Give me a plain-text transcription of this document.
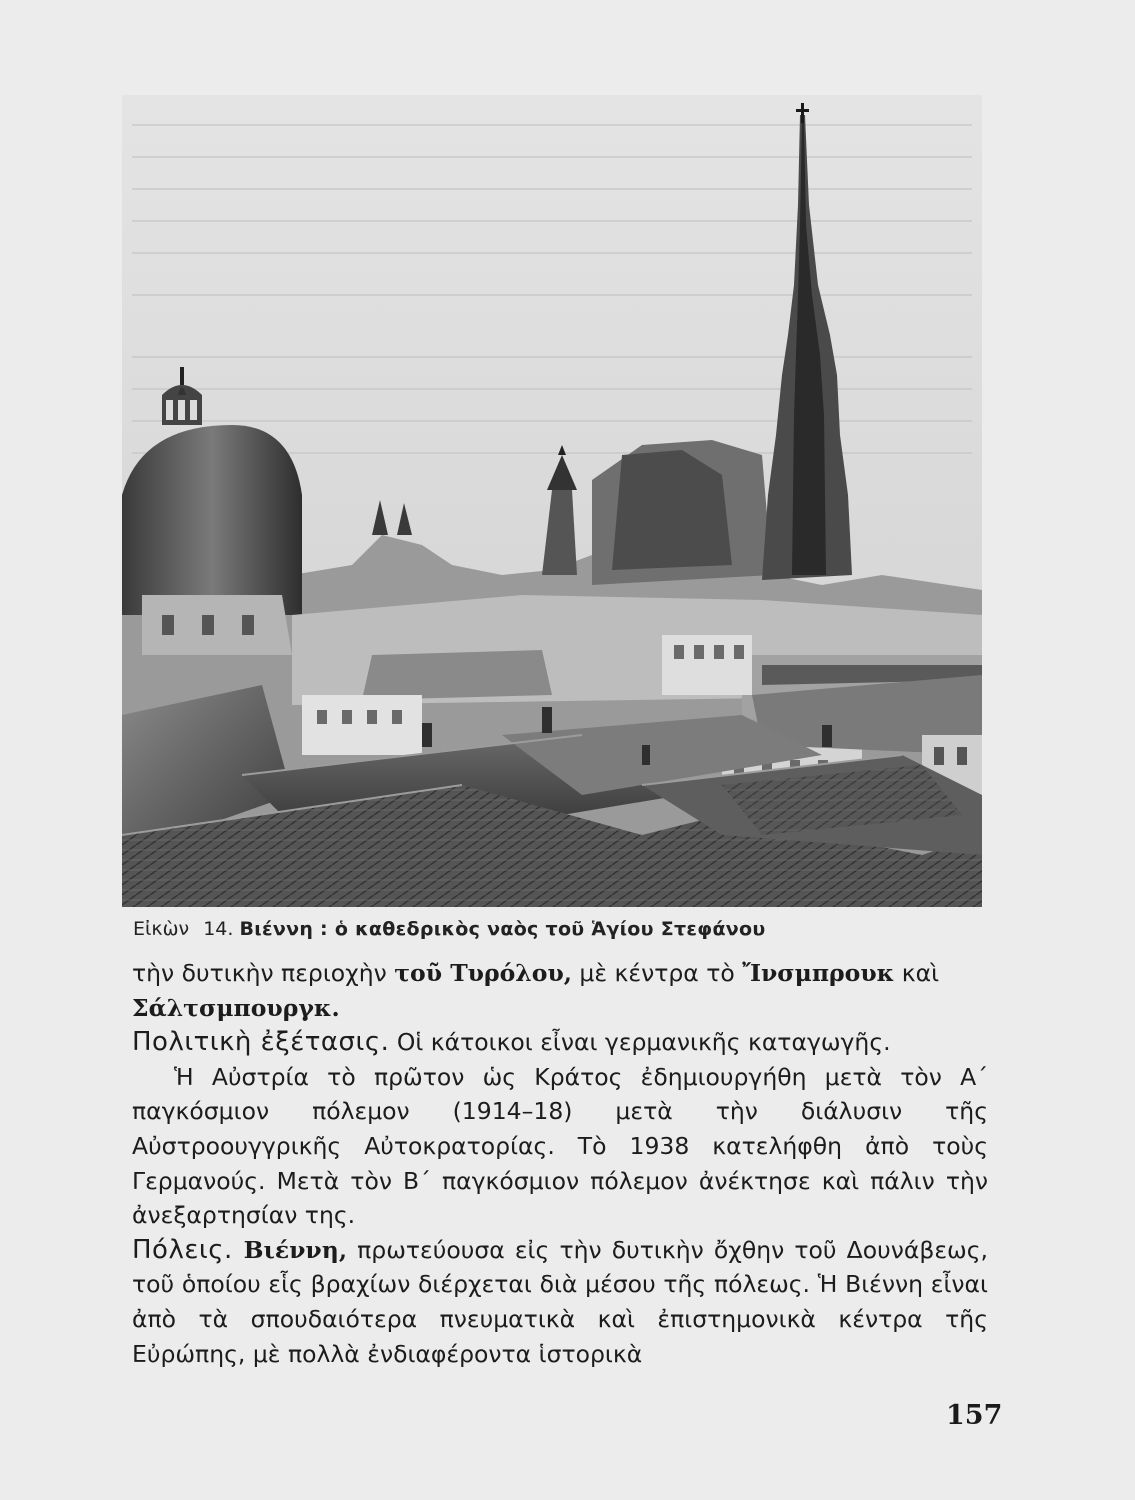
Εἰκὼν 14. Βιέννη : ὁ καθεδρικὸς ναὸς τοῦ Ἁγίου Στεφάνου

τὴν δυτικὴν περιοχὴν τοῦ Τυρόλου, μὲ κέντρα τὸ Ἴνσμπρουκ καὶ
Σάλτσμπουργκ.

Πολιτικὴ ἐξέτασις. Οἱ κάτοικοι εἶναι γερμανικῆς καταγωγῆς.

Ἡ Αὐστρία τὸ πρῶτον ὡς Κράτος ἐδημιουργήθη μετὰ τὸν Α´ παγκόσμιον πόλεμον (1914–18) μετὰ τὴν διάλυσιν τῆς Αὐστροουγγρικῆς Αὐτοκρατορίας. Τὸ 1938 κατελήφθη ἀπὸ τοὺς Γερμανούς. Μετὰ τὸν Β´ παγκόσμιον πόλεμον ἀνέκτησε καὶ πάλιν τὴν ἀνεξαρτησίαν της.

Πόλεις. Βιέννη, πρωτεύουσα εἰς τὴν δυτικὴν ὄχθην τοῦ Δουνάβεως, τοῦ ὁποίου εἷς βραχίων διέρχεται διὰ μέσου τῆς πόλεως. Ἡ Βιέννη εἶναι ἀπὸ τὰ σπουδαιότερα πνευματικὰ καὶ ἐπιστημονικὰ κέντρα τῆς Εὐρώπης, μὲ πολλὰ ἐνδιαφέροντα ἱστορικὰ

157
